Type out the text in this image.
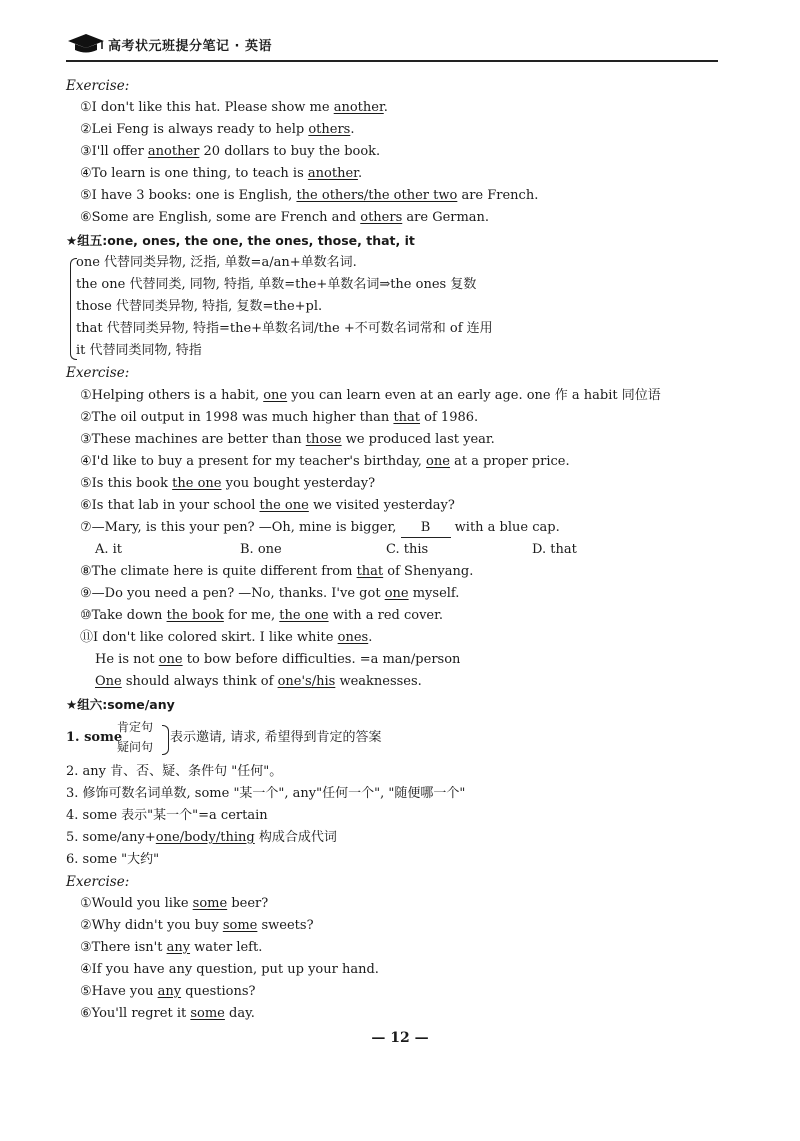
高考状元班提分笔记 · 英语
Exercise:
①I don't like this hat. Please show me another.
②Lei Feng is always ready to help others.
③I'll offer another 20 dollars to buy the book.
④To learn is one thing, to teach is another.
⑤I have 3 books: one is English, the others/the other two are French.
⑥Some are English, some are French and others are German.
★组五:one, ones, the one, the ones, those, that, it
one 代替同类异物, 泛指, 单数=a/an+单数名词.
the one 代替同类, 同物, 特指, 单数=the+单数名词⇒the ones 复数
those 代替同类异物, 特指, 复数=the+pl.
that 代替同类异物, 特指=the+单数名词/the +不可数名词常和 of 连用
it 代替同类同物, 特指
Exercise:
①Helping others is a habit, one you can learn even at an early age. one 作 a habit 同位语
②The oil output in 1998 was much higher than that of 1986.
③These machines are better than those we produced last year.
④I'd like to buy a present for my teacher's birthday, one at a proper price.
⑤Is this book the one you bought yesterday?
⑥Is that lab in your school the one we visited yesterday?
⑦—Mary, is this your pen? —Oh, mine is bigger, B with a blue cap.
A. it	B. one	C. this	D. that
⑧The climate here is quite different from that of Shenyang.
⑨—Do you need a pen? —No, thanks. I've got one myself.
⑩Take down the book for me, the one with a red cover.
⑪I don't like colored skirt. I like white ones.
He is not one to bow before difficulties. =a man/person
One should always think of one's/his weaknesses.
★组六:some/any
1. some
肯定句
疑问句
表示邀请, 请求, 希望得到肯定的答案
2. any 肯、否、疑、条件句 "任何"。
3. 修饰可数名词单数, some "某一个", any"任何一个", "随便哪一个"
4. some 表示"某一个"=a certain
5. some/any+one/body/thing 构成合成代词
6. some "大约"
Exercise:
①Would you like some beer?
②Why didn't you buy some sweets?
③There isn't any water left.
④If you have any question, put up your hand.
⑤Have you any questions?
⑥You'll regret it some day.
— 12 —
